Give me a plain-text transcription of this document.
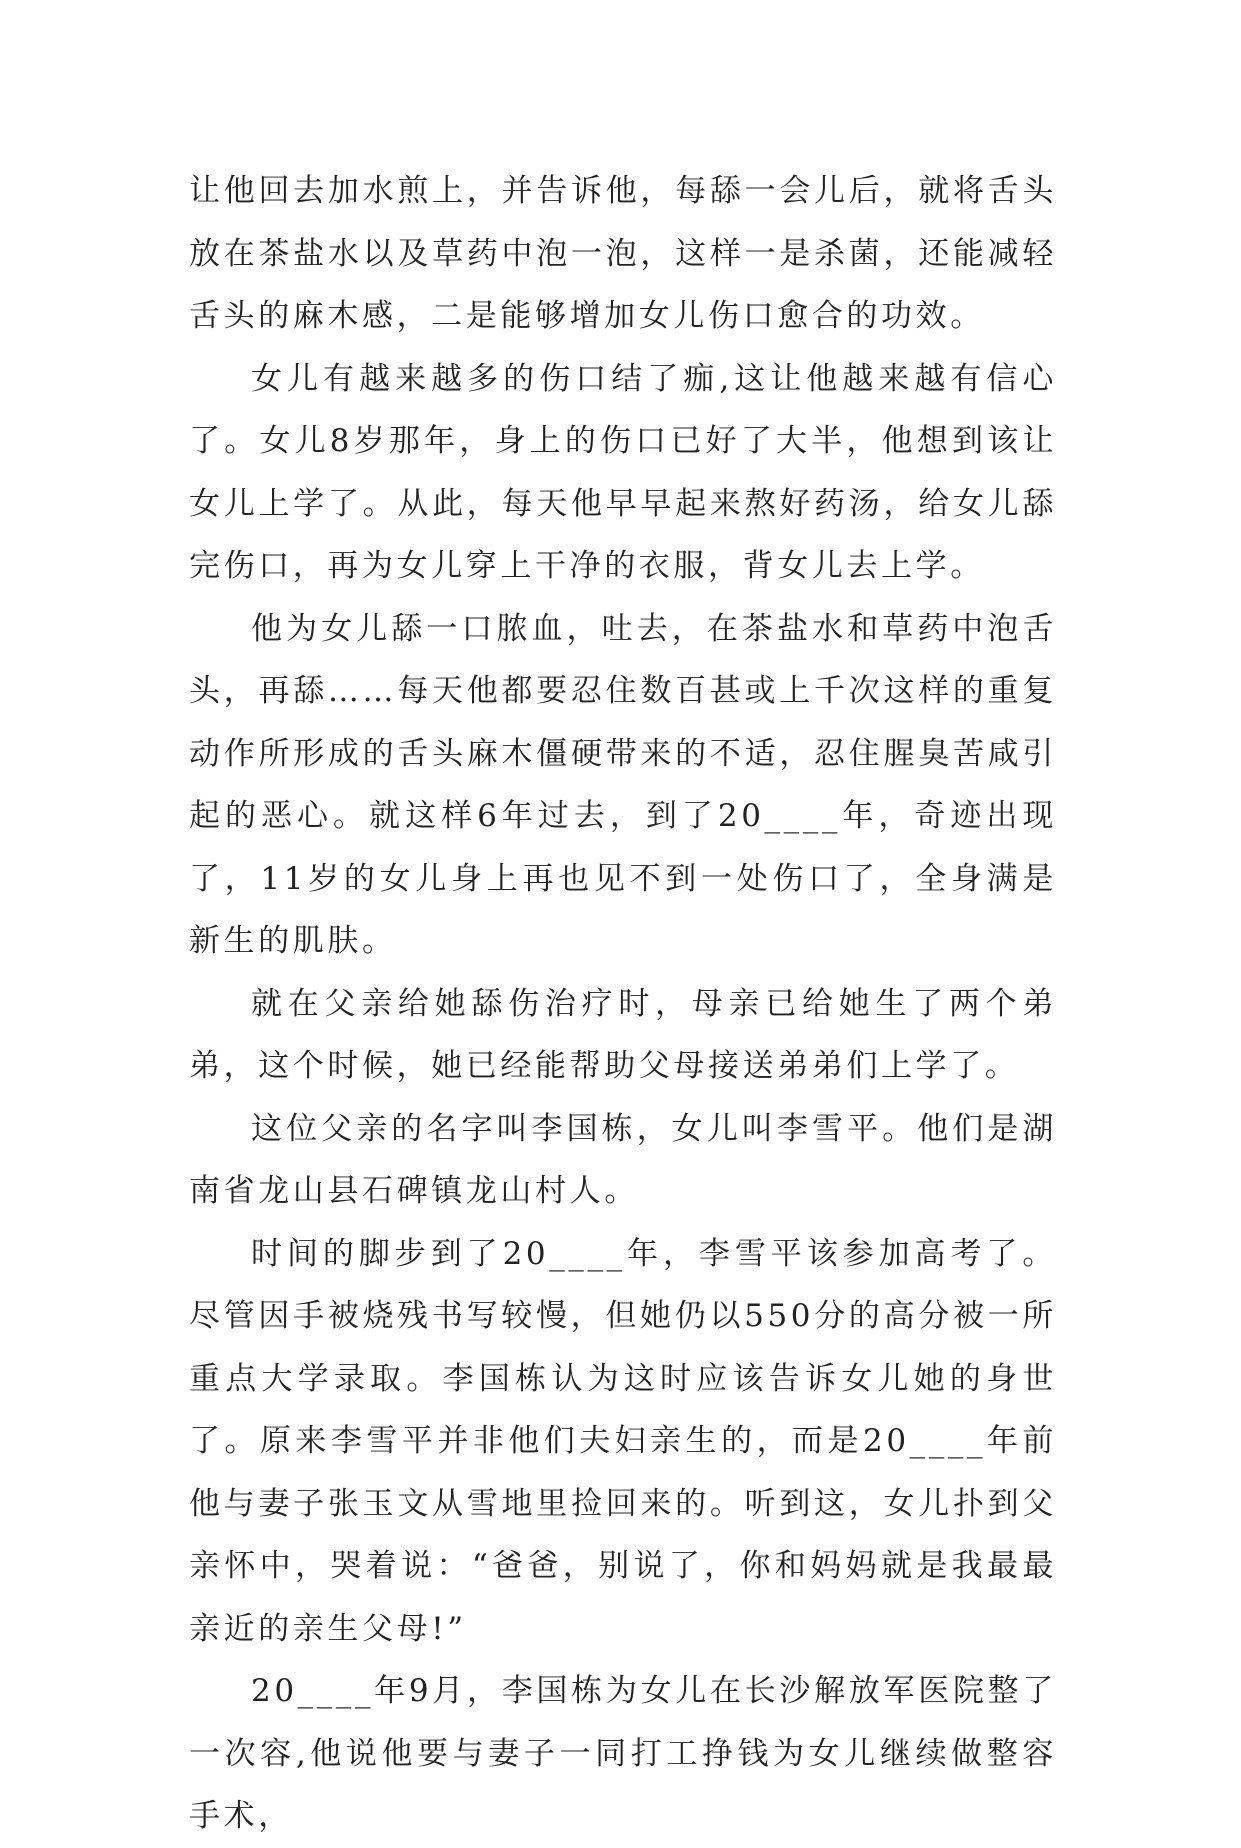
让他回去加水煎上，并告诉他，每舔一会儿后，就将舌头放在茶盐水以及草药中泡一泡，这样一是杀菌，还能减轻舌头的麻木感，二是能够增加女儿伤口愈合的功效。

女儿有越来越多的伤口结了痂,这让他越来越有信心了。女儿8岁那年，身上的伤口已好了大半，他想到该让女儿上学了。从此，每天他早早起来熬好药汤，给女儿舔完伤口，再为女儿穿上干净的衣服，背女儿去上学。

他为女儿舔一口脓血，吐去，在茶盐水和草药中泡舌头，再舔……每天他都要忍住数百甚或上千次这样的重复动作所形成的舌头麻木僵硬带来的不适，忍住腥臭苦咸引起的恶心。就这样6年过去，到了20____年，奇迹出现了，11岁的女儿身上再也见不到一处伤口了，全身满是新生的肌肤。

就在父亲给她舔伤治疗时，母亲已给她生了两个弟弟，这个时候，她已经能帮助父母接送弟弟们上学了。

这位父亲的名字叫李国栋，女儿叫李雪平。他们是湖南省龙山县石碑镇龙山村人。

时间的脚步到了20____年，李雪平该参加高考了。尽管因手被烧残书写较慢，但她仍以550分的高分被一所重点大学录取。李国栋认为这时应该告诉女儿她的身世了。原来李雪平并非他们夫妇亲生的，而是20____年前他与妻子张玉文从雪地里捡回来的。听到这，女儿扑到父亲怀中，哭着说：“爸爸，别说了，你和妈妈就是我最最亲近的亲生父母!”

20____年9月，李国栋为女儿在长沙解放军医院整了一次容,他说他要与妻子一同打工挣钱为女儿继续做整容手术，
